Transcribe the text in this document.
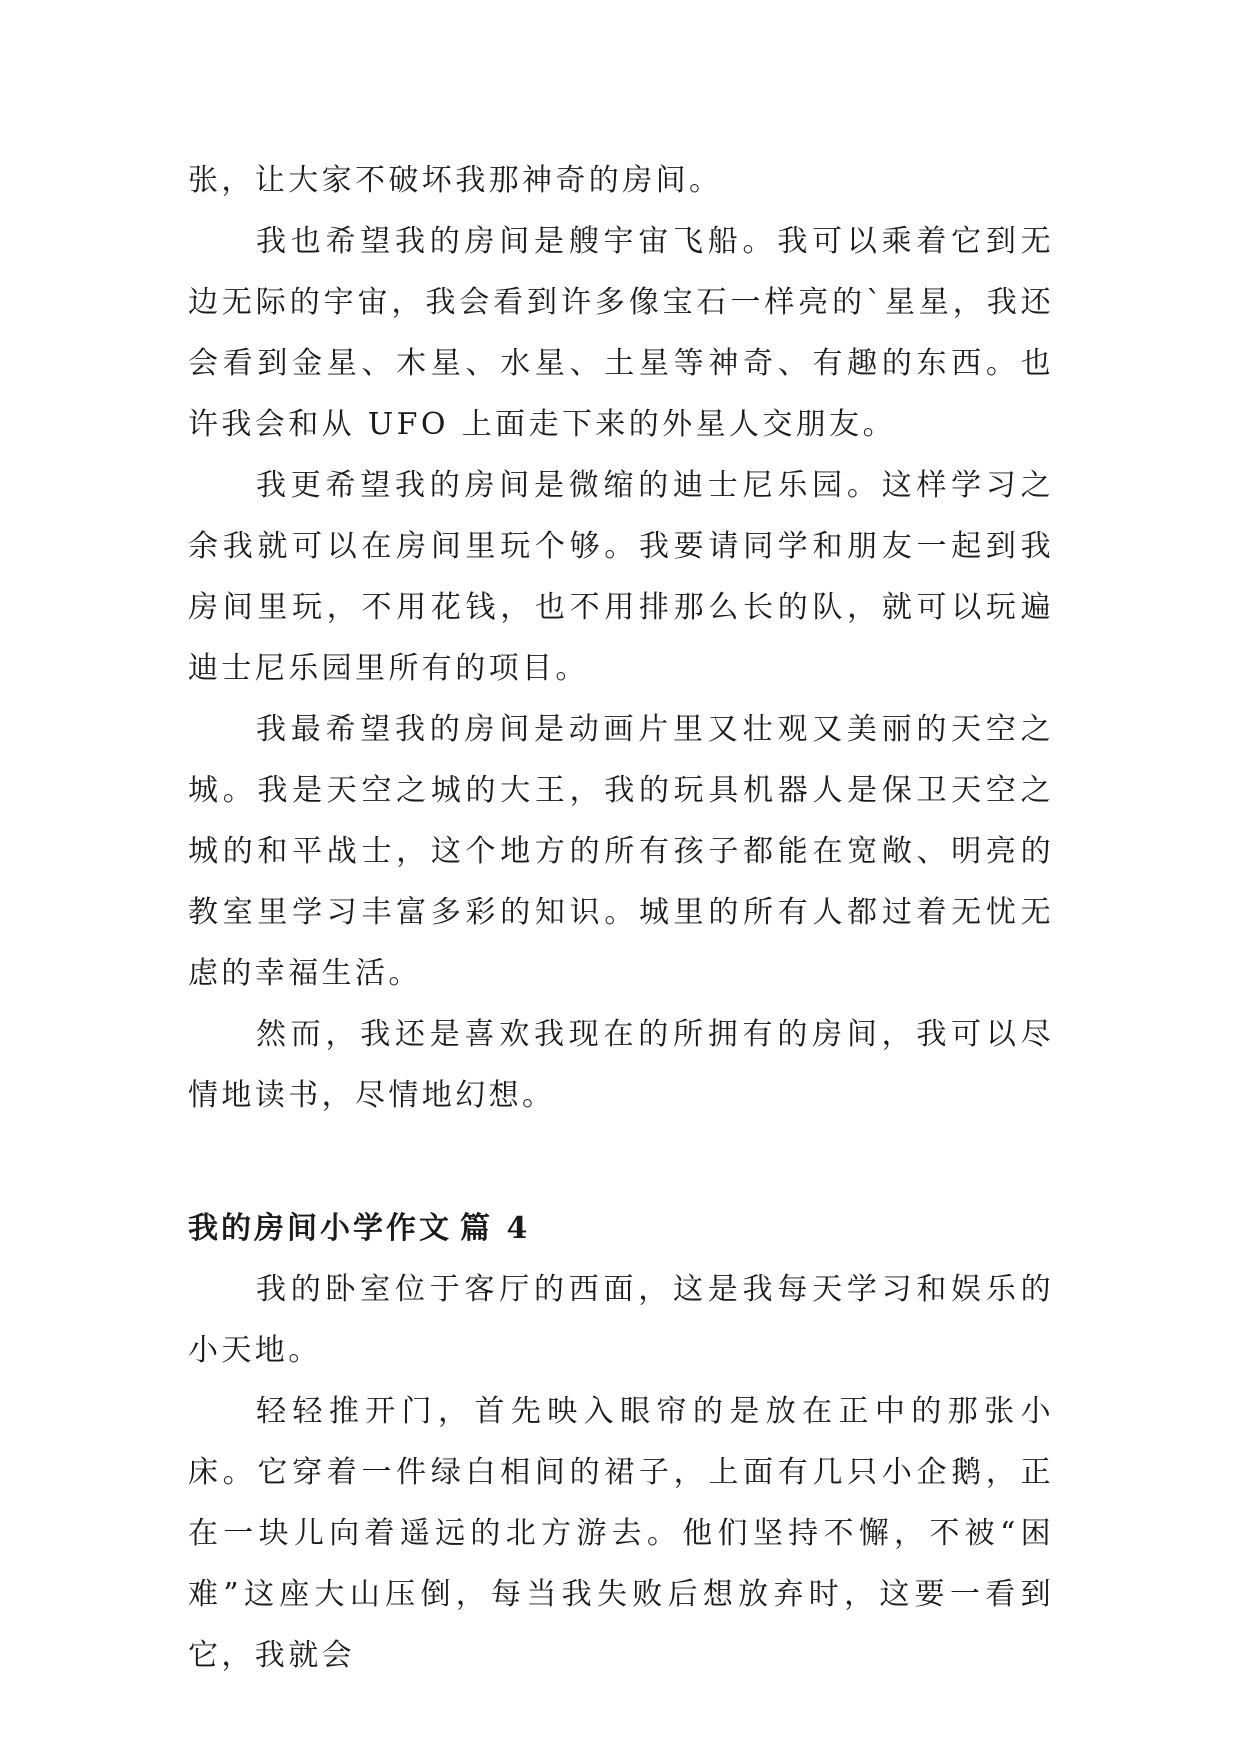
张，让大家不破坏我那神奇的房间。

我也希望我的房间是艘宇宙飞船。我可以乘着它到无边无际的宇宙，我会看到许多像宝石一样亮的`星星，我还会看到金星、木星、水星、土星等神奇、有趣的东西。也许我会和从 UFO 上面走下来的外星人交朋友。

我更希望我的房间是微缩的迪士尼乐园。这样学习之余我就可以在房间里玩个够。我要请同学和朋友一起到我房间里玩，不用花钱，也不用排那么长的队，就可以玩遍迪士尼乐园里所有的项目。

我最希望我的房间是动画片里又壮观又美丽的天空之城。我是天空之城的大王，我的玩具机器人是保卫天空之城的和平战士，这个地方的所有孩子都能在宽敞、明亮的教室里学习丰富多彩的知识。城里的所有人都过着无忧无虑的幸福生活。

然而，我还是喜欢我现在的所拥有的房间，我可以尽情地读书，尽情地幻想。

我的房间小学作文 篇 4

我的卧室位于客厅的西面，这是我每天学习和娱乐的小天地。

轻轻推开门，首先映入眼帘的是放在正中的那张小床。它穿着一件绿白相间的裙子，上面有几只小企鹅，正在一块儿向着遥远的北方游去。他们坚持不懈，不被“困难”这座大山压倒，每当我失败后想放弃时，这要一看到它，我就会
